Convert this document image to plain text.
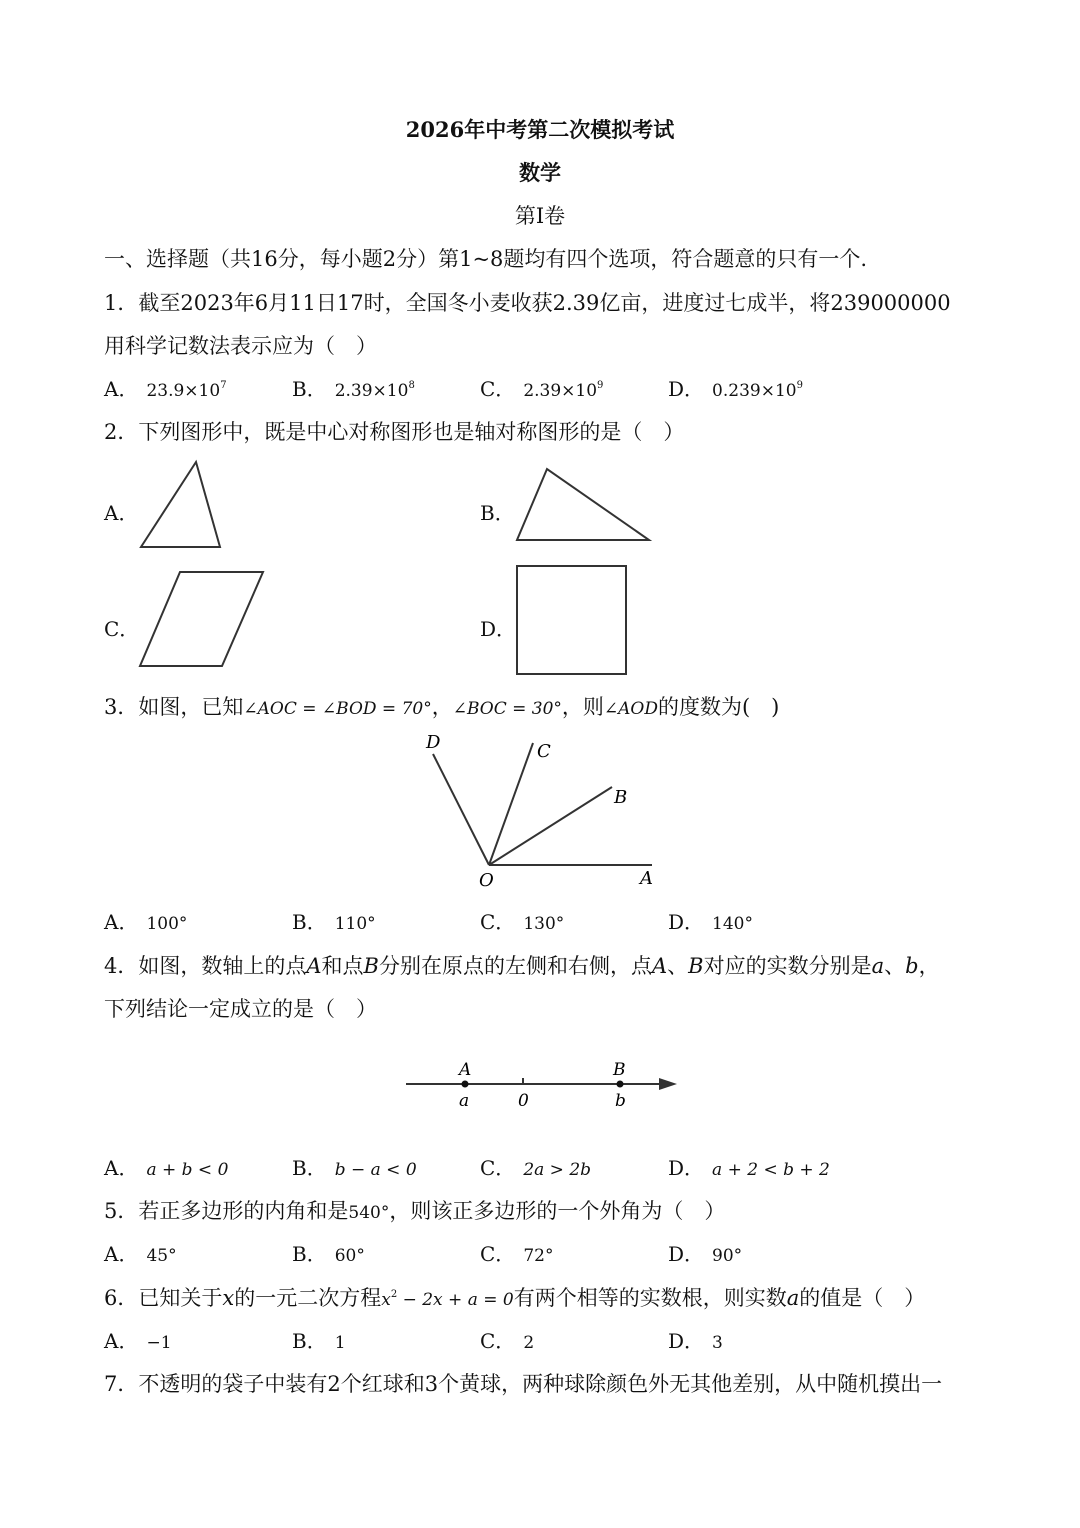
2026年中考第二次模拟考试
数学
第Ⅰ卷
一、选择题（共16分，每小题2分）第1~8题均有四个选项，符合题意的只有一个.
1．截至2023年6月11日17时，全国冬小麦收获2.39亿亩，进度过七成半，将239000000
用科学记数法表示应为（　）
A． $23.9\times 10^7$	B． $2.39\times 10^8$	C． $2.39\times 10^9$	D． $0.239\times 10^9$
2．下列图形中，既是中心对称图形也是轴对称图形的是（　）
A．	B．
C．	D．
3．如图，已知∠AOC = ∠BOD = 70°，∠BOC = 30°，则∠AOD的度数为(　)
D	C
B
O	A
A． 100°	B． 110°	C． 130°	D． 140°
4．如图，数轴上的点A和点B分别在原点的左侧和右侧，点A、B对应的实数分别是a、b，
下列结论一定成立的是（　）
A	B
a	0	b
A． a + b < 0	B． b − a < 0	C． 2a > 2b	D． a + 2 < b + 2
5．若正多边形的内角和是540°，则该正多边形的一个外角为（　）
A． 45°	B． 60°	C． 72°	D． 90°
6．已知关于x的一元二次方程$x^2 - 2x + a = 0$有两个相等的实数根，则实数a的值是（　）
A． −1	B． 1	C． 2	D． 3
7．不透明的袋子中装有2个红球和3个黄球，两种球除颜色外无其他差别，从中随机摸出一
